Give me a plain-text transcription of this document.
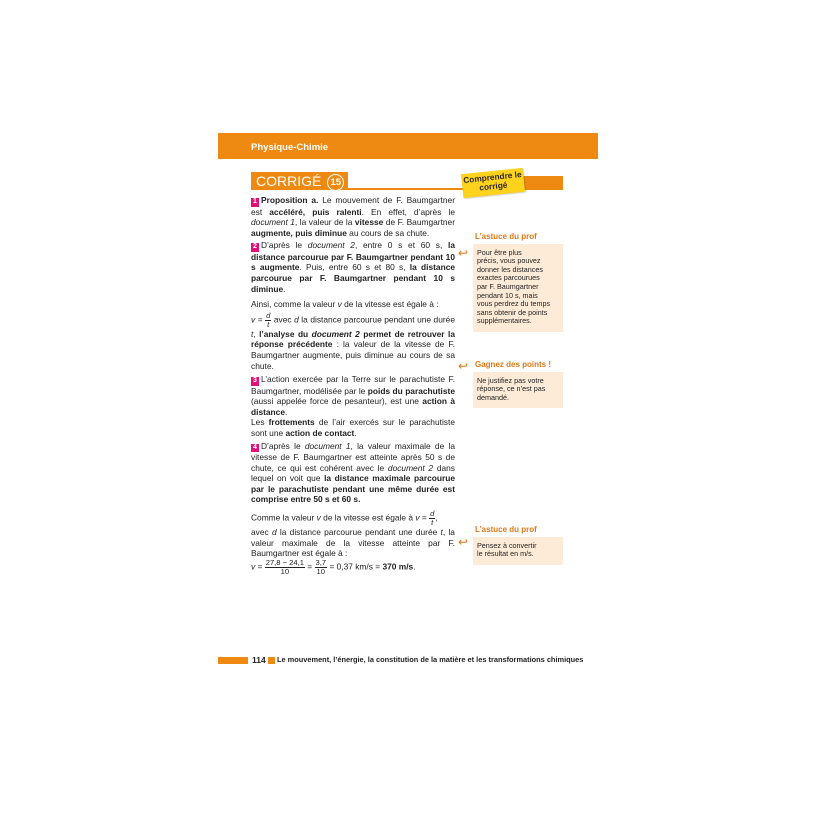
Physique-Chimie
CORRIGÉ 15	Comprendre le corrigé

1 Proposition a. Le mouvement de F. Baumgartner est accéléré, puis ralenti. En effet, d’après le document 1, la valeur de la vitesse de F. Baumgartner augmente, puis diminue au cours de sa chute.

2 D’après le document 2, entre 0 s et 60 s, la distance parcourue par F. Baumgartner pendant 10 s augmente. Puis, entre 60 s et 80 s, la distance parcourue par F. Baumgartner pendant 10 s diminue.

Ainsi, comme la valeur v de la vitesse est égale à :

$v = \frac{d}{t}$ avec d la distance parcourue pendant une durée t, l’analyse du document 2 permet de retrouver la réponse précédente : la valeur de la vitesse de F. Baumgartner augmente, puis diminue au cours de sa chute.

3 L’action exercée par la Terre sur le parachutiste F. Baumgartner, modélisée par le poids du parachutiste (aussi appelée force de pesanteur), est une action à distance.

Les frottements de l’air exercés sur le parachutiste sont une action de contact.

4 D’après le document 1, la valeur maximale de la vitesse de F. Baumgartner est atteinte après 50 s de chute, ce qui est cohérent avec le document 2 dans lequel on voit que la distance maximale parcourue par le parachutiste pendant une même durée est comprise entre 50 s et 60 s.

Comme la valeur v de la vitesse est égale à $v = \frac{d}{t}$ ,

avec d la distance parcourue pendant une durée t, la valeur maximale de la vitesse atteinte par F. Baumgartner est égale à :

$v = \frac{27,8 - 24,1}{10} = \frac{3,7}{10} = 0,37$ km/s = 370 m/s.

↩
L’astuce du prof
Pour être plus
précis, vous pouvez
donner les distances
exactes parcourues
par F. Baumgartner
pendant 10 s, mais
vous perdrez du temps
sans obtenir de points
supplémentaires.
↩ Gagnez des points !
Ne justifiez pas votre
réponse, ce n’est pas
demandé.
↩
L’astuce du prof
Pensez à convertir
le résultat en m/s.
114 Le mouvement, l’énergie, la constitution de la matière et les transformations chimiques
